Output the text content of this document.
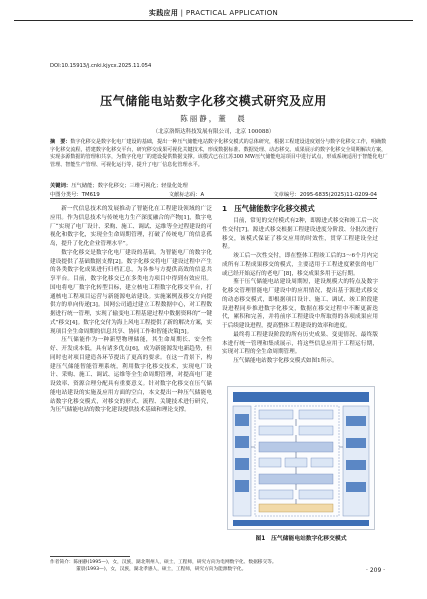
实践应用 | PRACTICAL APPLICATION
DOI:10.15913/j.cnki.kjycx.2025.11.054
压气储能电站数字化移交模式研究及应用
陈丽静，董　晨
（北京洛斯达科技发展有限公司，北京 100088）
摘　要：数字化移交是数字化电厂建设的基础，提出一种压气储能电站数字化移交模式的总体研究，根据工程建设进度划分与数字化移交工作，明确数字化移交流程，搭建数字化移交平台，研究移交成果可视化关键技术，形成数据标准、数据处理、动态移交、成果展示的数字化移交全周期解决方案，实现多源数据的管理和共享，为数字化电厂的建设提供数据支撑。该模式已在江苏300 MW压气储能电站项目中进行试点，形成系统适用于智能化电厂管理、智能生产管理、可视化运行等，提升了电厂信息化管理水平。
关键词：压气储能；数字化移交；三维可视化；轻量化处理
中图分类号：TM619	文献标志码：A	文章编号：2095-6835(2025)11-0209-04

新一代信息技术的发展推动了智能化在工程建设领域的广泛应用。作为信息技术与传统电力生产深度融合的产物[1]，数字电厂“实现了电厂设计、采购、施工、调试、运维等全过程建设的可视化和数字化，实现全生命周期管理，打破了传统电厂的信息孤岛，提升了化化企业管理水平”。

数字化移交是数字化电厂建设的基础，为智能电厂的数字化建设提供了基础数据支撑[2]。数字化移交将电厂建设过程中产生的各类数字化成果进行归档汇总，为各参与方提供高效的信息共享平台。目前，数字化移交已在多类电力项目中得到有效应用。国电将电厂数字化转型目标，建立核电工程数字化移交平台，打通核电工程项目运营与新能源电站建设。实施案例及移交方向提供方的单向传递[3]。国网公司通过建立工程数据中心，对工程数据进行统一管理，实现了输变电工程基建过程中数据资料的“一键式”移交[4]。数字化交付为海上风电工程提供了新的解决方案，实现项目全生命周期的信息共享、协同工作和智能决策[5]。

压气储能作为一种新型物理储能，其生命周期长、安全性好、开发成本低，具有诸多优点[6]，成为新能源发电新趋势，但同时也对项目建造各环节提出了更高的要求。在这一背景下，构建压气储能智能管理系统，利用数字化移交技术，实现电厂设计、采购、施工、调试、运维等全生命周期管理，对提高电厂建设效率、资源合理分配具有重要意义。针对数字化移交在压气储能电站建设的实施及应用方面的空白，本文提出一种压气储能电站数字化移交模式，对移交的形式、流程、关键技术进行研究，为压气储能电站的数字化建设提供技术基础和理论支撑。

1　压气储能数字化移交模式

目前，常见的交付模式有2种，即源进式移交和竣工后一次性交付[7]。源进式移交根据工程建设进度分阶段、分批次进行移交，该模式保证了移交应用的时效性，贯穿工程建设全过程。

竣工后一次性交付，即在整体工程竣工后的3～6个月内完成所有工程成果移交的模式，主要适用于工程进度紧张的电厂或已经开始运行的老电厂[8]，移交成果多用于运行期。

鉴于压气储能电站建设周期短，建设规模大的特点及数字化移交管理智能电厂建设中的应用情况，提出基于源进式移交的动态移交模式，即根据项目设计、施工、调试、竣工阶段建设进程同步推进数字化移交，数据在移交过程中不断更新迭代，累积和完善，并将前序工程建设中所取得的各项成果应用于后续建设进程，提高整体工程建设的效率和进度。

最终将工程建设阶段的所有历史成果、变更情况、最终版本进行统一管理和集成展示，将这些信息应用于工程运行期，实现对工程的全生命周期管理。

压气储能电站数字化移交模式如图1所示。

图1　压气储能电站数字化移交模式
作者简介：陈丽静(1995—)，女，汉族，湖北荆州人，硕士，工程师，研究方向为电网数字化、数据移交等。
董晨(1993—)，女，汉族，湖北孝感人，硕士，工程师，研究方向为能源数字化。	· 209 ·
